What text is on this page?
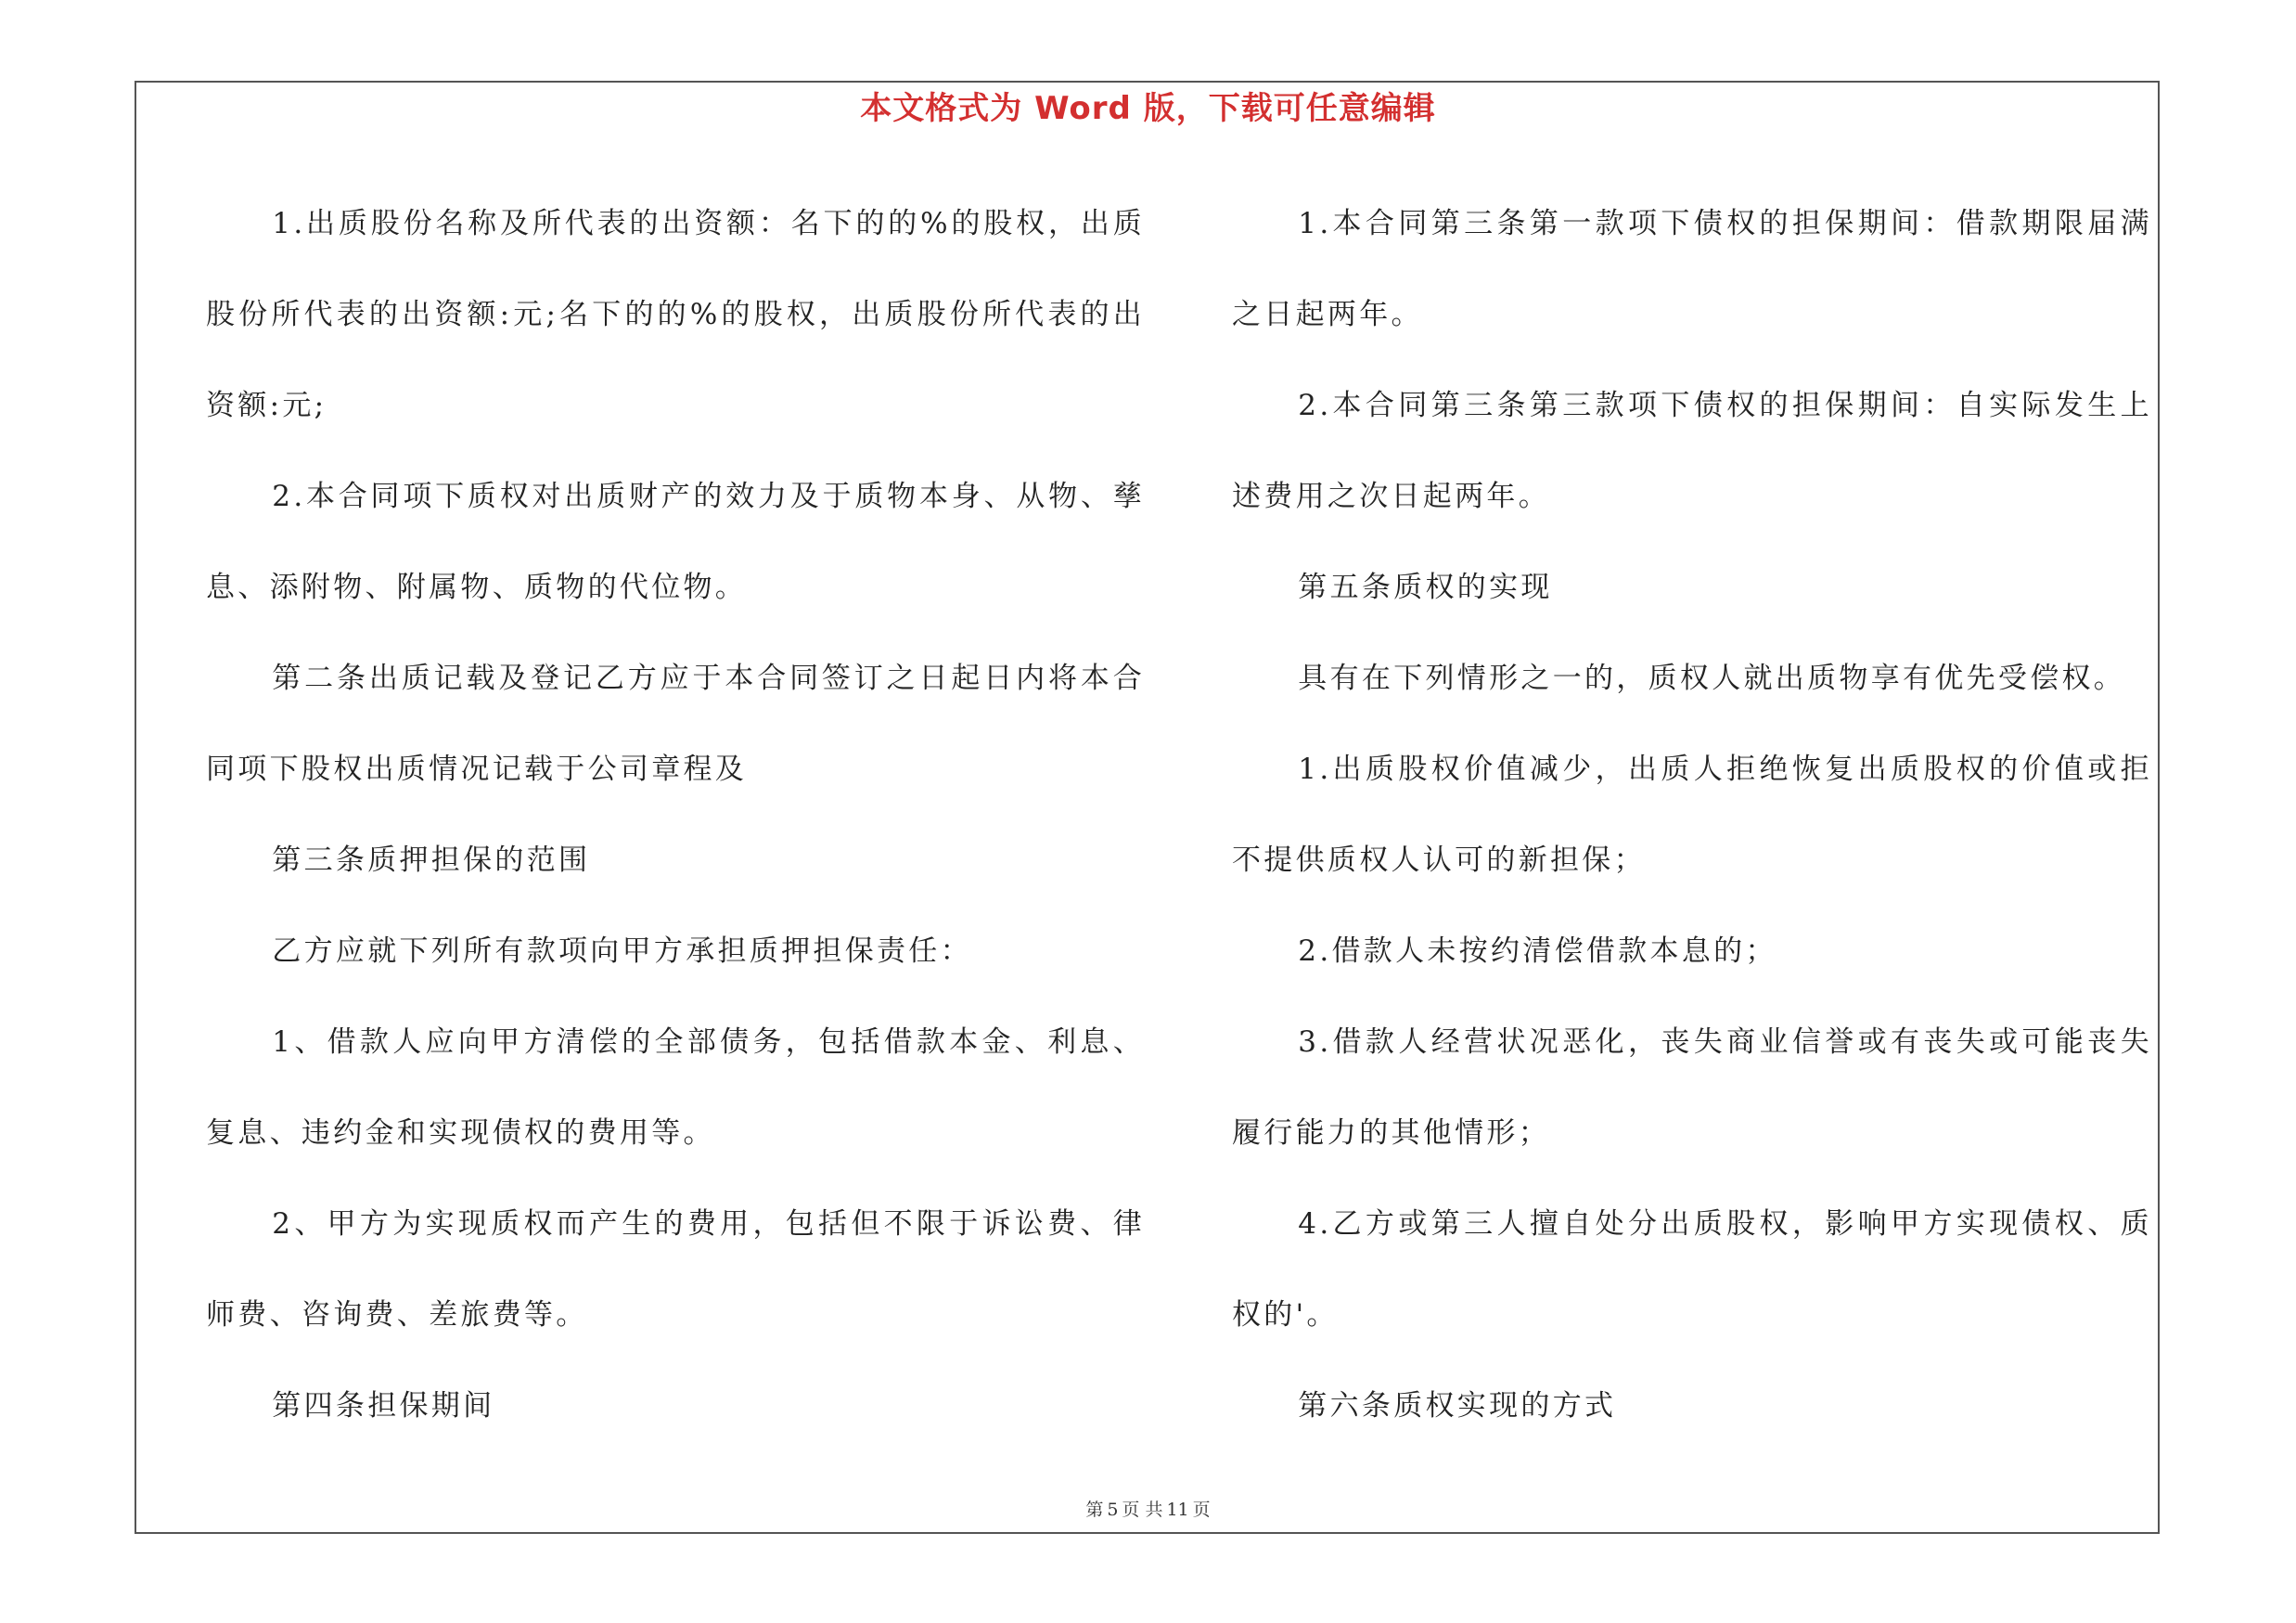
本文格式为 Word 版，下载可任意编辑

1.出质股份名称及所代表的出资额：名下的的%的股权，出质股份所代表的出资额:元;名下的的%的股权，出质股份所代表的出资额:元;

2.本合同项下质权对出质财产的效力及于质物本身、从物、孳息、添附物、附属物、质物的代位物。

第二条出质记载及登记乙方应于本合同签订之日起日内将本合同项下股权出质情况记载于公司章程及

第三条质押担保的范围

乙方应就下列所有款项向甲方承担质押担保责任：

1、借款人应向甲方清偿的全部债务，包括借款本金、利息、复息、违约金和实现债权的费用等。

2、甲方为实现质权而产生的费用，包括但不限于诉讼费、律师费、咨询费、差旅费等。

第四条担保期间

1.本合同第三条第一款项下债权的担保期间：借款期限届满之日起两年。

2.本合同第三条第三款项下债权的担保期间：自实际发生上述费用之次日起两年。

第五条质权的实现

具有在下列情形之一的，质权人就出质物享有优先受偿权。

1.出质股权价值减少，出质人拒绝恢复出质股权的价值或拒不提供质权人认可的新担保；

2.借款人未按约清偿借款本息的；

3.借款人经营状况恶化，丧失商业信誉或有丧失或可能丧失履行能力的其他情形；

4.乙方或第三人擅自处分出质股权，影响甲方实现债权、质权的'。

第六条质权实现的方式

第 5 页 共 11 页
